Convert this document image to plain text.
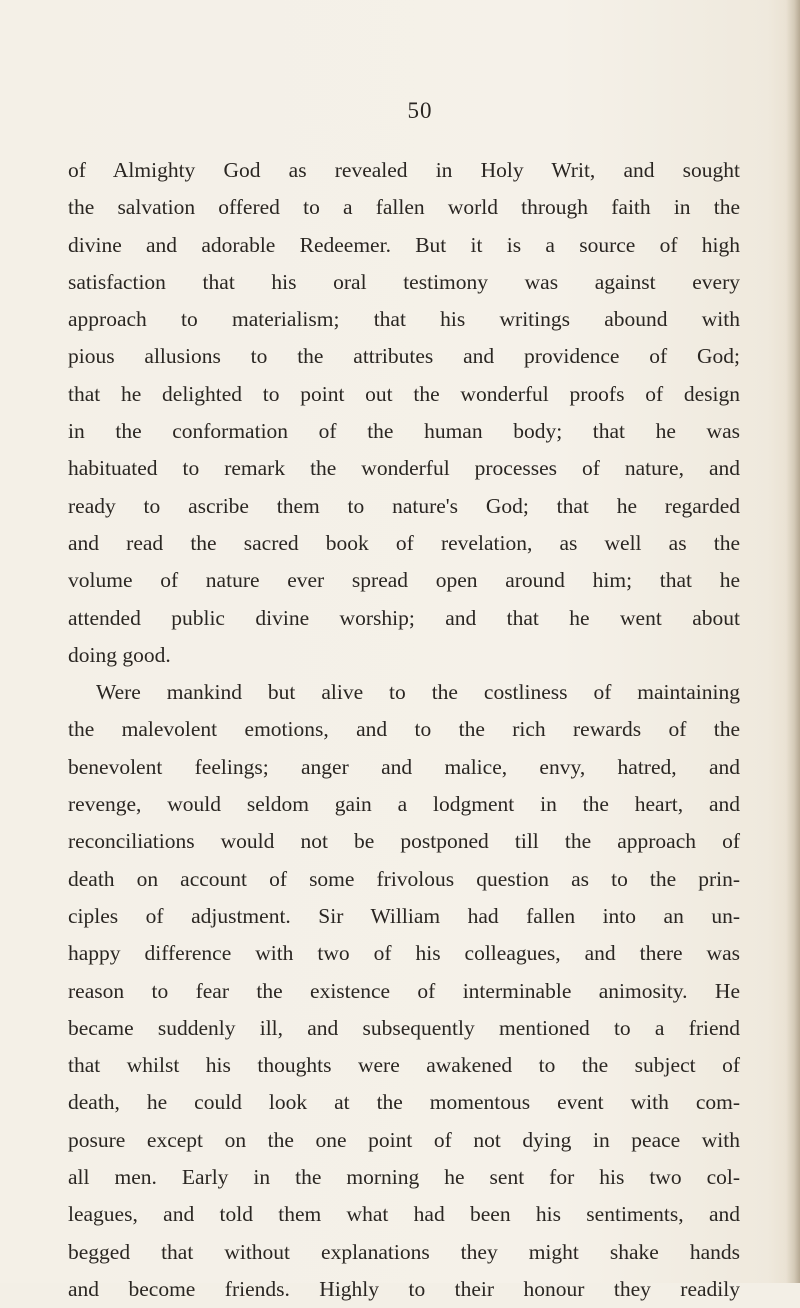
50
of Almighty God as revealed in Holy Writ, and sought
the salvation offered to a fallen world through faith in the
divine and adorable Redeemer. But it is a source of high
satisfaction that his oral testimony was against every
approach to materialism; that his writings abound with
pious allusions to the attributes and providence of God;
that he delighted to point out the wonderful proofs of design
in the conformation of the human body; that he was
habituated to remark the wonderful processes of nature, and
ready to ascribe them to nature's God; that he regarded
and read the sacred book of revelation, as well as the
volume of nature ever spread open around him; that he
attended public divine worship; and that he went about
doing good.
Were mankind but alive to the costliness of maintaining
the malevolent emotions, and to the rich rewards of the
benevolent feelings; anger and malice, envy, hatred, and
revenge, would seldom gain a lodgment in the heart, and
reconciliations would not be postponed till the approach of
death on account of some frivolous question as to the prin-
ciples of adjustment. Sir William had fallen into an un-
happy difference with two of his colleagues, and there was
reason to fear the existence of interminable animosity. He
became suddenly ill, and subsequently mentioned to a friend
that whilst his thoughts were awakened to the subject of
death, he could look at the momentous event with com-
posure except on the one point of not dying in peace with
all men. Early in the morning he sent for his two col-
leagues, and told them what had been his sentiments, and
begged that without explanations they might shake hands
and become friends. Highly to their honour they readily
